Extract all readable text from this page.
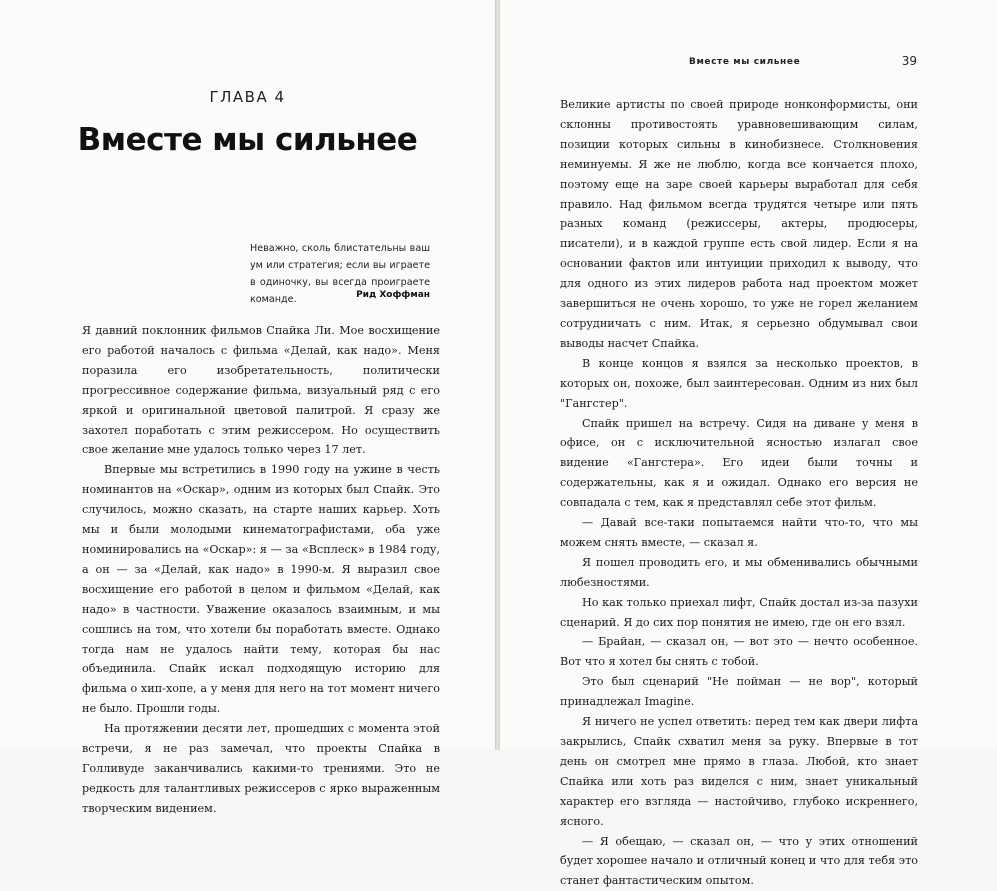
ГЛАВА 4
Вместе мы сильнее
Неважно, сколь блистательны ваш ум или стратегия; если вы играете в одиночку, вы всегда проиграете команде.	Рид Хоффман

Я давний поклонник фильмов Спайка Ли. Мое восхищение его работой началось с фильма «Делай, как надо». Меня поразила его изобретательность, политически прогрессивное содержание фильма, визуальный ряд с его яркой и оригинальной цветовой палитрой. Я сразу же захотел поработать с этим режиссером. Но осуществить свое желание мне удалось только через 17 лет.

Впервые мы встретились в 1990 году на ужине в честь номинантов на «Оскар», одним из которых был Спайк. Это случилось, можно сказать, на старте наших карьер. Хоть мы и были молодыми кинематографистами, оба уже номинировались на «Оскар»: я — за «Всплеск» в 1984 году, а он — за «Делай, как надо» в 1990-м. Я выразил свое восхищение его работой в целом и фильмом «Делай, как надо» в частности. Уважение оказалось взаимным, и мы сошлись на том, что хотели бы поработать вместе. Однако тогда нам не удалось найти тему, которая бы нас объединила. Спайк искал подходящую историю для фильма о хип-хопе, а у меня для него на тот момент ничего не было. Прошли годы.

На протяжении десяти лет, прошедших с момента этой встречи, я не раз замечал, что проекты Спайка в Голливуде заканчивались какими-то трениями. Это не редкость для талантливых режиссеров с ярко выраженным творческим видением.

Вместе мы сильнее	39

Великие артисты по своей природе нонконформисты, они склонны противостоять уравновешивающим силам, позиции которых сильны в кинобизнесе. Столкновения неминуемы. Я же не люблю, когда все кончается плохо, поэтому еще на заре своей карьеры выработал для себя правило. Над фильмом всегда трудятся четыре или пять разных команд (режиссеры, актеры, продюсеры, писатели), и в каждой группе есть свой лидер. Если я на основании фактов или интуиции приходил к выводу, что для одного из этих лидеров работа над проектом может завершиться не очень хорошо, то уже не горел желанием сотрудничать с ним. Итак, я серьезно обдумывал свои выводы насчет Спайка.

В конце концов я взялся за несколько проектов, в которых он, похоже, был заинтересован. Одним из них был "Гангстер".

Спайк пришел на встречу. Сидя на диване у меня в офисе, он с исключительной ясностью излагал свое видение «Гангстера». Его идеи были точны и содержательны, как я и ожидал. Однако его версия не совпадала с тем, как я представлял себе этот фильм.

— Давай все-таки попытаемся найти что-то, что мы можем снять вместе, — сказал я.

Я пошел проводить его, и мы обменивались обычными любезностями.

Но как только приехал лифт, Спайк достал из-за пазухи сценарий. Я до сих пор понятия не имею, где он его взял.

— Брайан, — сказал он, — вот это — нечто особенное. Вот что я хотел бы снять с тобой.

Это был сценарий "Не пойман — не вор", который принадлежал Imagine.

Я ничего не успел ответить: перед тем как двери лифта закрылись, Спайк схватил меня за руку. Впервые в тот день он смотрел мне прямо в глаза. Любой, кто знает Спайка или хоть раз виделся с ним, знает уникальный характер его взгляда — настойчиво, глубоко искреннего, ясного.

— Я обещаю, — сказал он, — что у этих отношений будет хорошее начало и отличный конец и что для тебя это станет фантастическим опытом.
